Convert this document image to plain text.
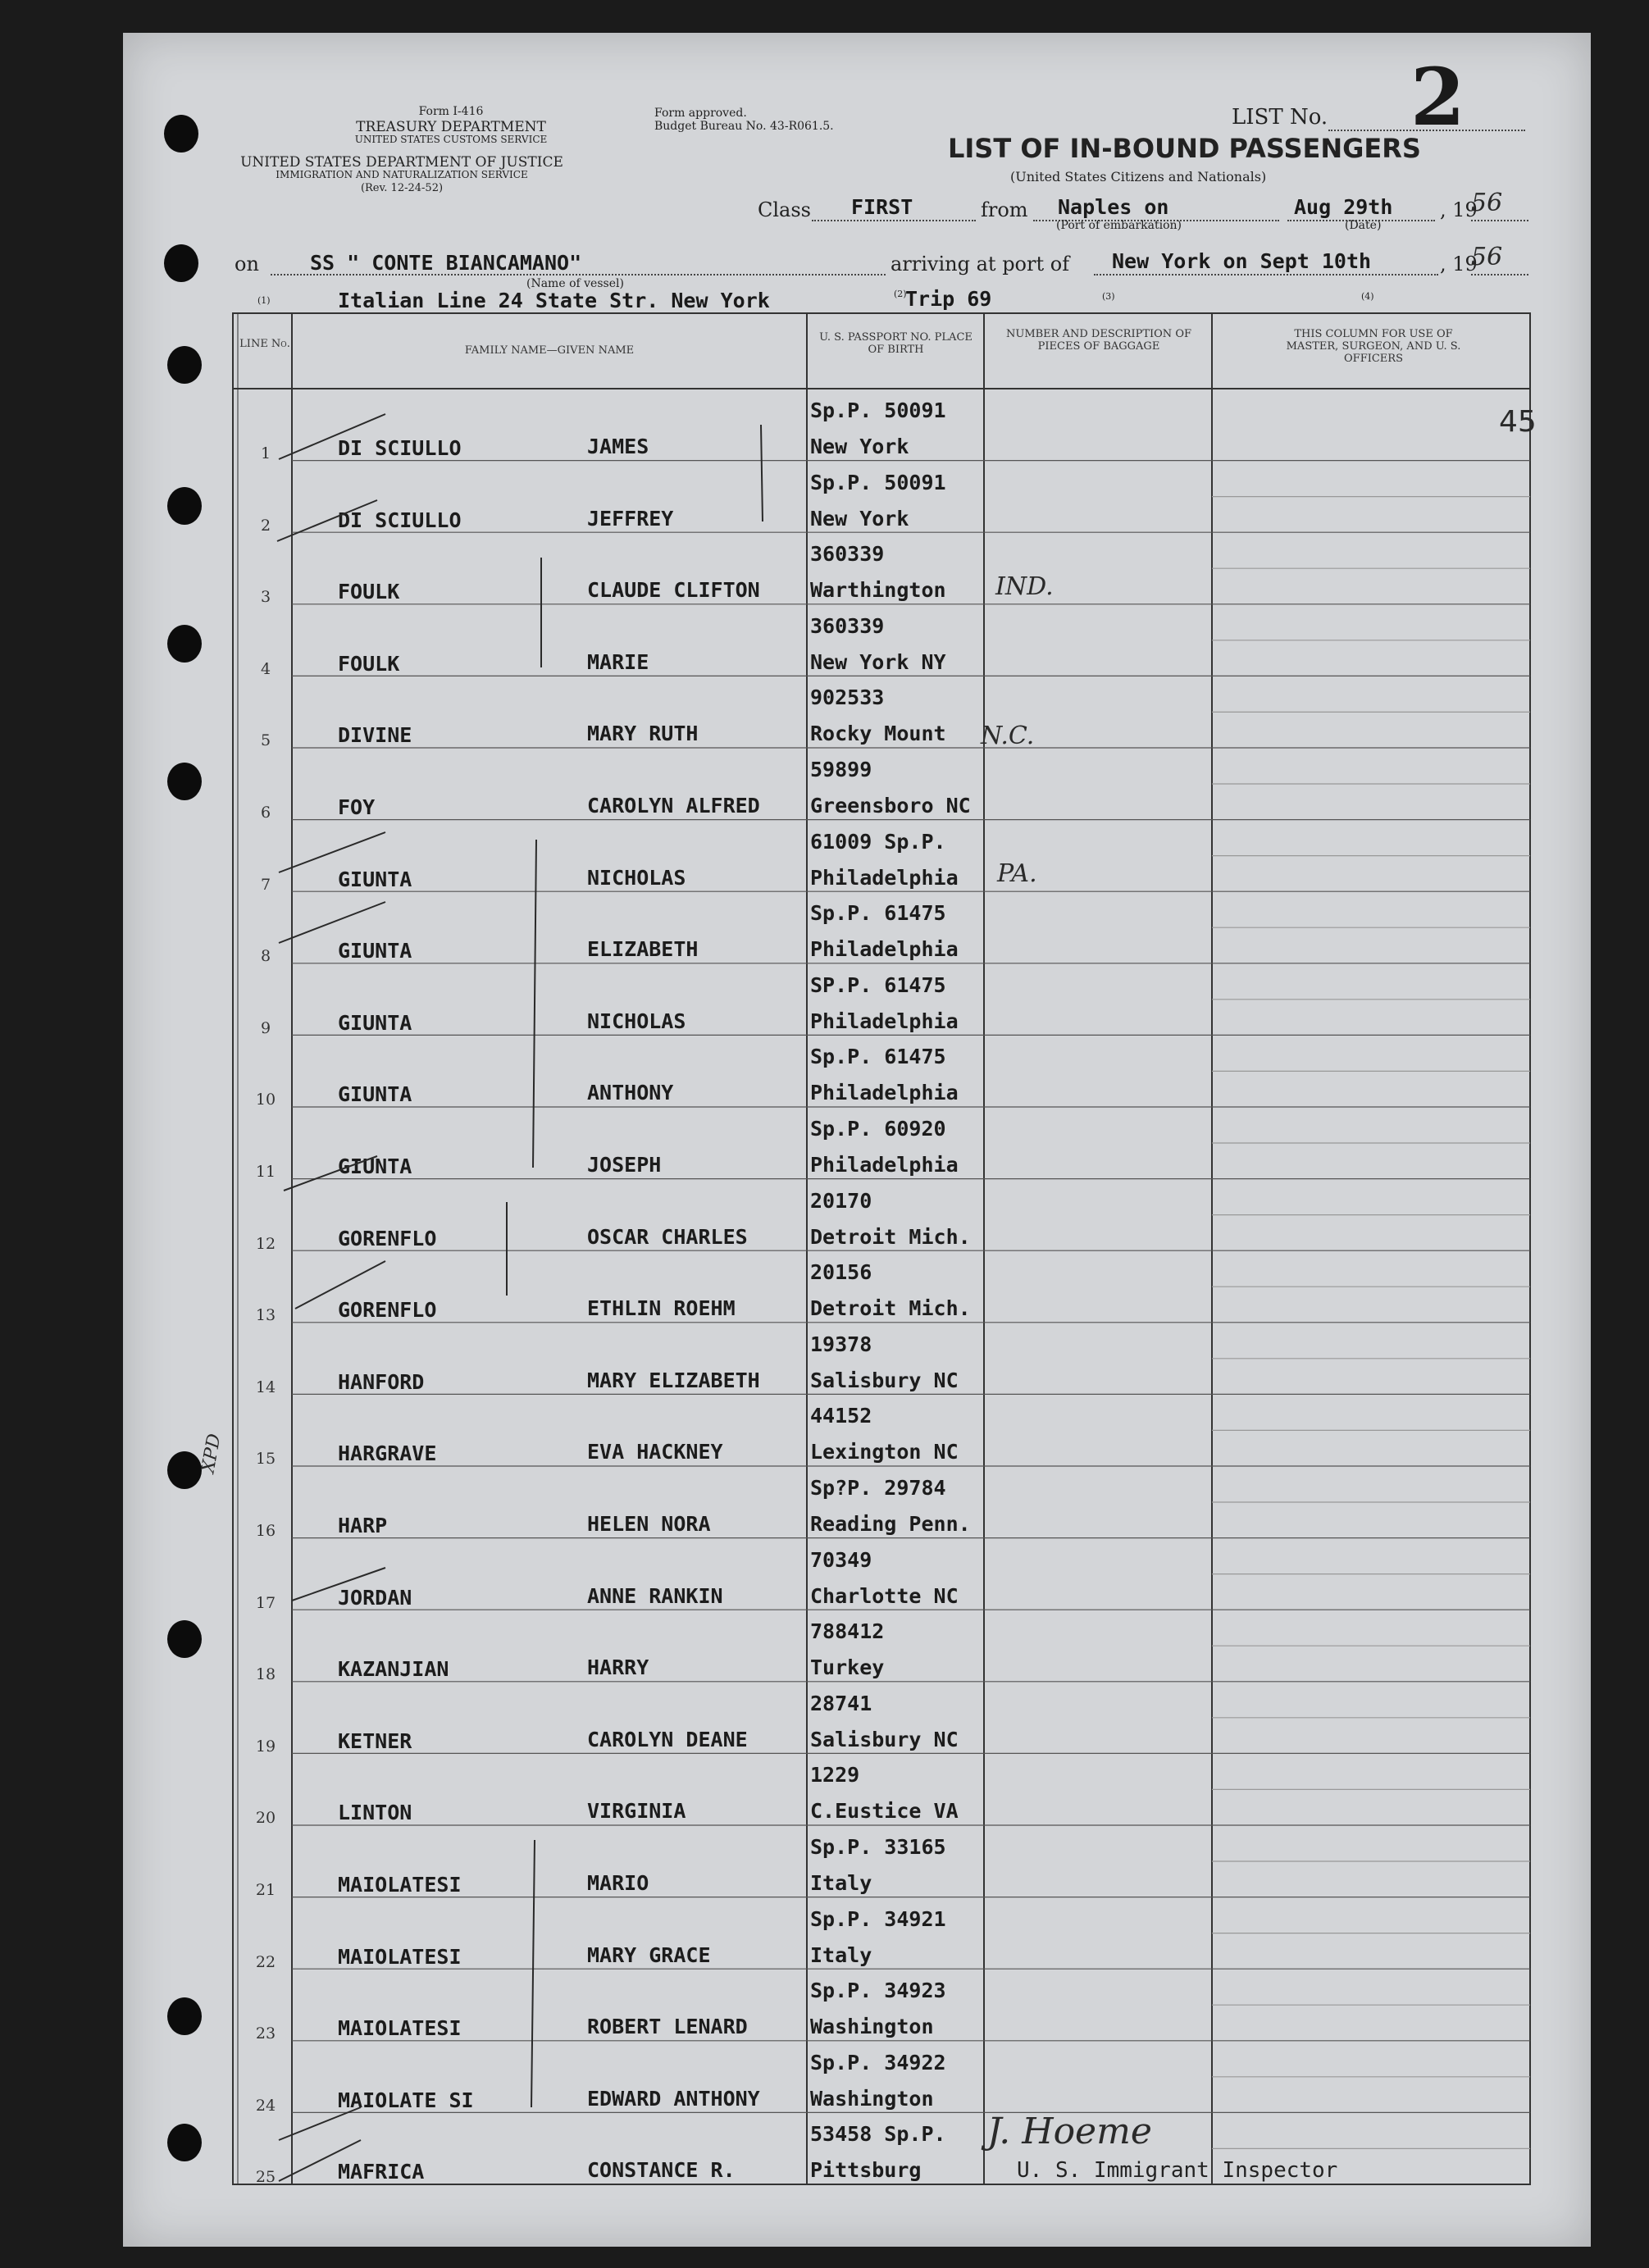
Form I-416
TREASURY DEPARTMENT
UNITED STATES CUSTOMS SERVICE
UNITED STATES DEPARTMENT OF JUSTICE
IMMIGRATION AND NATURALIZATION SERVICE
(Rev. 12-24-52)
Form approved.
Budget Bureau No. 43-R061.5.	LIST No. 2
LIST OF IN-BOUND PASSENGERS
(United States Citizens and Nationals)
Class FIRST	from Naples on
(Port of embarkation)
Aug 29th
(Date)
, 19
56
on SS " CONTE BIANCAMANO"
(Name of vessel)
arriving at port of New York on Sept 10th	, 19
56
Italian Line 24 State Str. New York	Trip 69
(1)
(2)	(3)	(4)
LINE No.
FAMILY NAME—GIVEN NAME
U. S. PASSPORT NO. PLACE OF BIRTH
NUMBER AND DESCRIPTION OF PIECES OF BAGGAGE
THIS COLUMN FOR USE OF MASTER, SURGEON, AND U. S. OFFICERS
1	DI SCIULLO	JAMES
Sp.P. 50091
New York
2	DI SCIULLO	JEFFREY
Sp.P. 50091
New York
3	FOULK	CLAUDE CLIFTON
360339
Warthington
4	FOULK	MARIE
360339
New York NY
5	DIVINE	MARY RUTH
902533
Rocky Mount
6	FOY	CAROLYN ALFRED
59899
Greensboro NC
7	GIUNTA	NICHOLAS
61009 Sp.P.
Philadelphia
8	GIUNTA	ELIZABETH
Sp.P. 61475
Philadelphia
9	GIUNTA	NICHOLAS
SP.P. 61475
Philadelphia
10	GIUNTA	ANTHONY
Sp.P. 61475
Philadelphia
11	GIUNTA	JOSEPH
Sp.P. 60920
Philadelphia
12	GORENFLO	OSCAR CHARLES
20170
Detroit Mich.
13	GORENFLO	ETHLIN ROEHM
20156
Detroit Mich.
14	HANFORD	MARY ELIZABETH
19378
Salisbury NC
15	HARGRAVE	EVA HACKNEY
44152
Lexington NC
16	HARP	HELEN NORA
Sp?P. 29784
Reading Penn.
17	JORDAN	ANNE RANKIN
70349
Charlotte NC
18	KAZANJIAN	HARRY
788412
Turkey
19	KETNER	CAROLYN DEANE
28741
Salisbury NC
20	LINTON	VIRGINIA
1229
C.Eustice VA
21	MAIOLATESI	MARIO
Sp.P. 33165
Italy
22	MAIOLATESI	MARY GRACE
Sp.P. 34921
Italy
23	MAIOLATESI	ROBERT LENARD
Sp.P. 34923
Washington
24	MAIOLATE SI	EDWARD ANTHONY
Sp.P. 34922
Washington
25	MAFRICA	CONSTANCE R.
53458 Sp.P.
Pittsburg
45
XPD
IND.
N.C.
PA.
J. Hoeme
U. S. Immigrant Inspector
